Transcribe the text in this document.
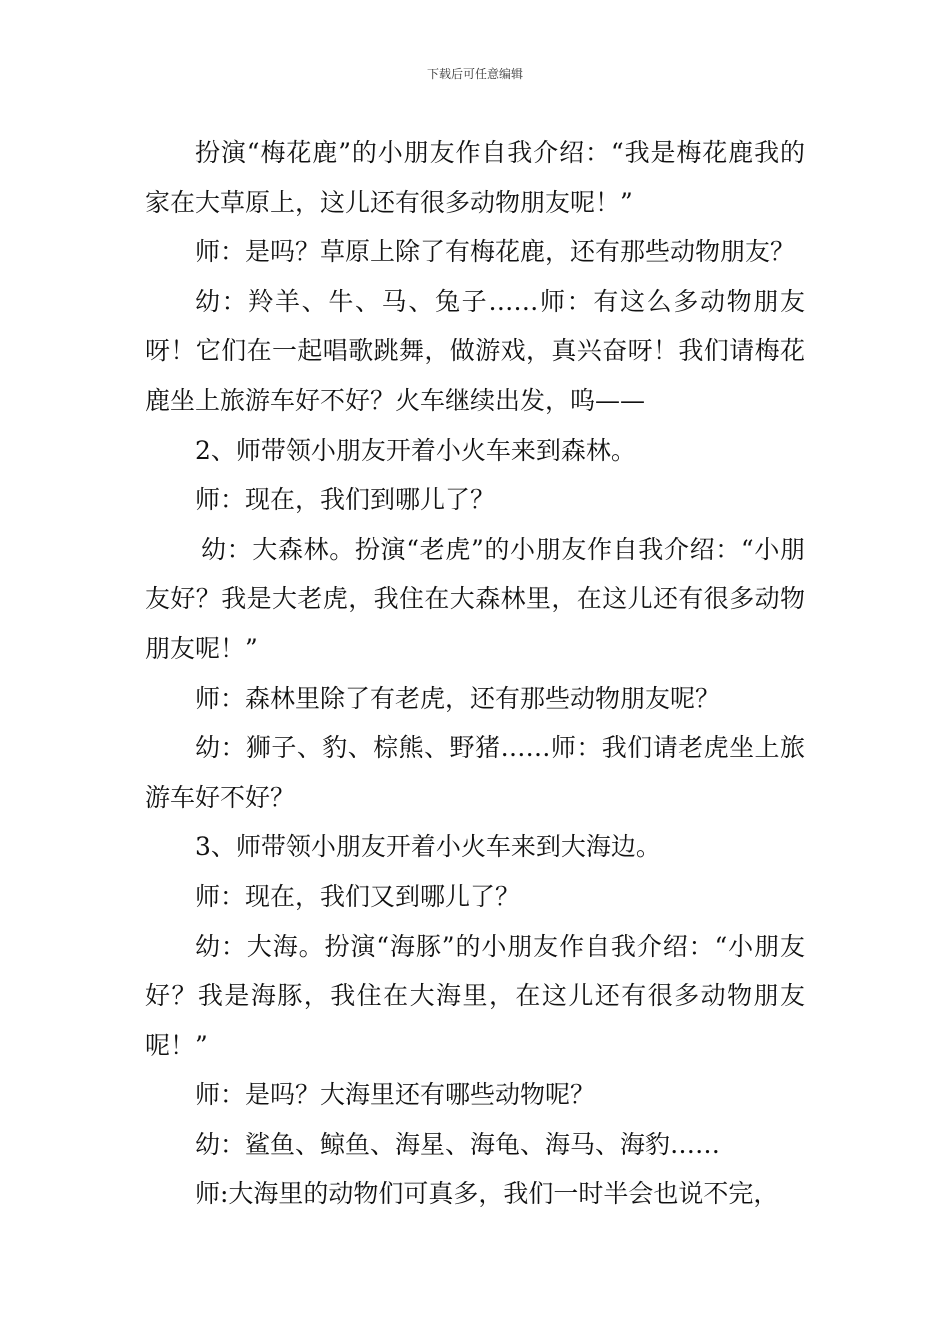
下载后可任意编辑

扮演“梅花鹿”的小朋友作自我介绍：“我是梅花鹿我的家在大草原上，这儿还有很多动物朋友呢！”

师：是吗？草原上除了有梅花鹿，还有那些动物朋友？

幼：羚羊、牛、马、兔子……师：有这么多动物朋友呀！它们在一起唱歌跳舞，做游戏，真兴奋呀！我们请梅花鹿坐上旅游车好不好？火车继续出发，呜——

2、师带领小朋友开着小火车来到森林。

师：现在，我们到哪儿了？

幼：大森林。扮演“老虎”的小朋友作自我介绍：“小朋友好？我是大老虎，我住在大森林里，在这儿还有很多动物朋友呢！”

师：森林里除了有老虎，还有那些动物朋友呢？

幼：狮子、豹、棕熊、野猪……师：我们请老虎坐上旅游车好不好？

3、师带领小朋友开着小火车来到大海边。

师：现在，我们又到哪儿了？

幼：大海。扮演“海豚”的小朋友作自我介绍：“小朋友好？我是海豚，我住在大海里，在这儿还有很多动物朋友呢！”

师：是吗？大海里还有哪些动物呢？

幼：鲨鱼、鲸鱼、海星、海龟、海马、海豹……

师:大海里的动物们可真多，我们一时半会也说不完，
